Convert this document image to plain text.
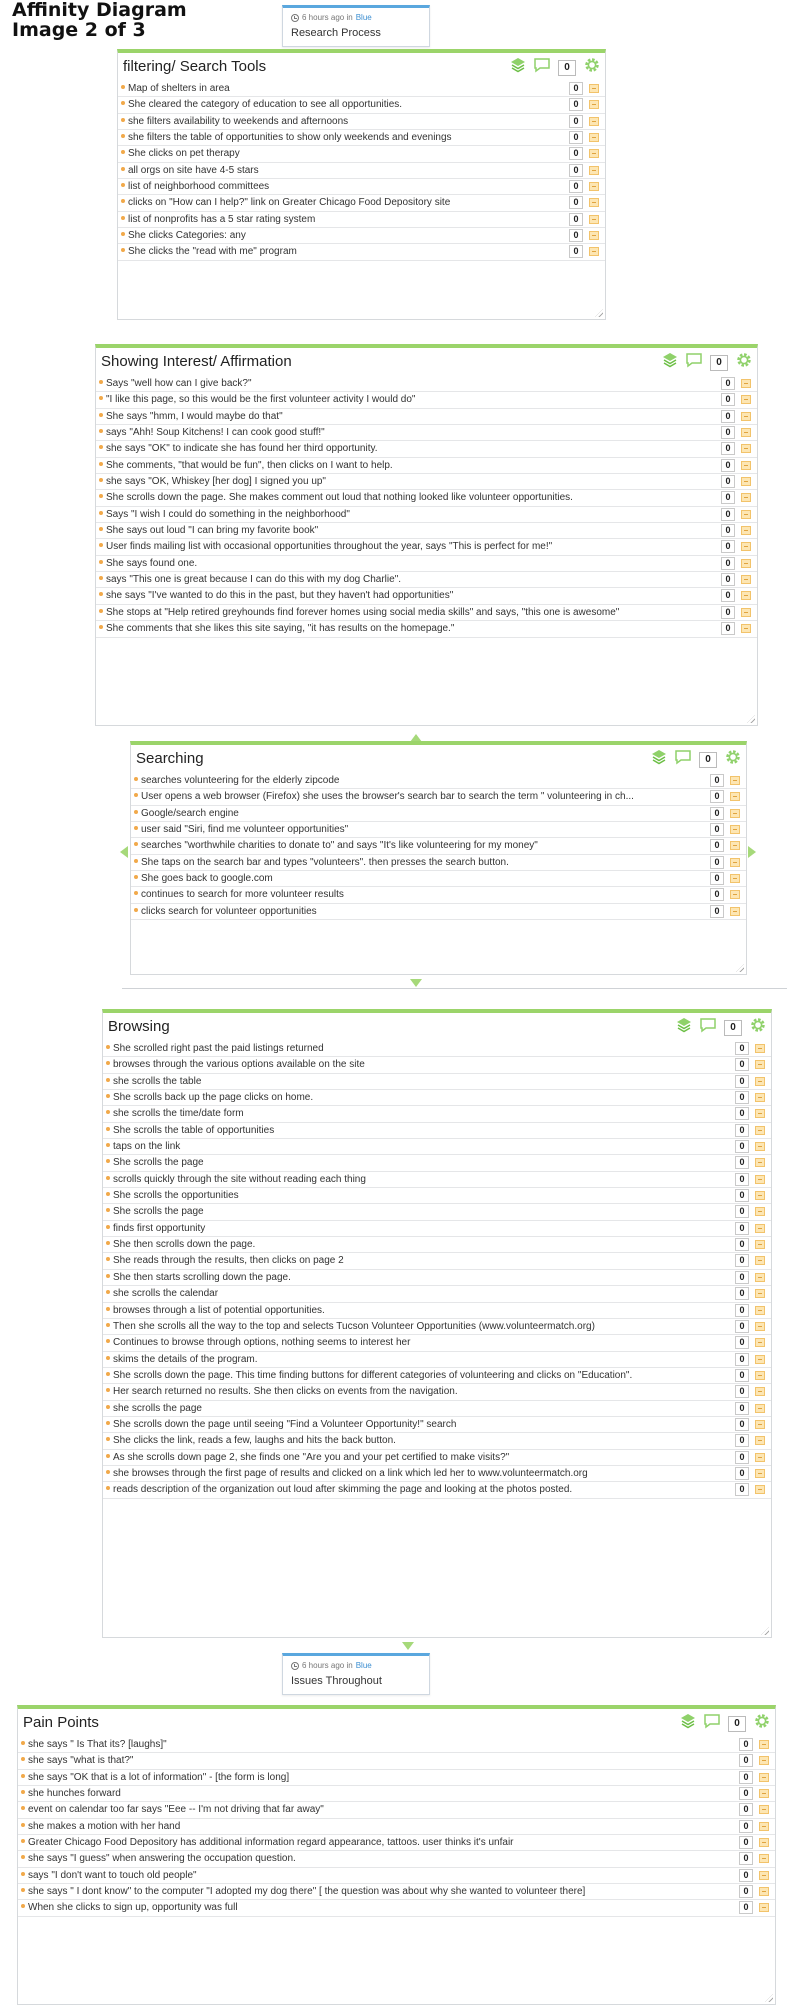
Affinity Diagram
Image 2 of 3
6 hours ago in Blue
Research Process
filtering/ Search Tools	0
Map of shelters in area	0
She cleared the category of education to see all opportunities.	0
she filters availability to weekends and afternoons	0
she filters the table of opportunities to show only weekends and evenings	0
She clicks on pet therapy	0
all orgs on site have 4-5 stars	0
list of neighborhood committees	0
clicks on "How can I help?" link on Greater Chicago Food Depository site	0
list of nonprofits has a 5 star rating system	0
She clicks Categories: any	0
She clicks the "read with me" program	0
Showing Interest/ Affirmation	0
Says "well how can I give back?"	0
"I like this page, so this would be the first volunteer activity I would do"	0
She says "hmm, I would maybe do that"	0
says "Ahh! Soup Kitchens! I can cook good stuff!"	0
she says "OK" to indicate she has found her third opportunity.	0
She comments, "that would be fun", then clicks on I want to help.	0
she says "OK, Whiskey [her dog] I signed you up"	0
She scrolls down the page. She makes comment out loud that nothing looked like volunteer opportunities.	0
Says "I wish I could do something in the neighborhood"	0
She says out loud "I can bring my favorite book"	0
User finds mailing list with occasional opportunities throughout the year, says "This is perfect for me!"	0
She says found one.	0
says "This one is great because I can do this with my dog Charlie".	0
she says "I've wanted to do this in the past, but they haven't had opportunities"	0
She stops at "Help retired greyhounds find forever homes using social media skills" and says, "this one is awesome"	0
She comments that she likes this site saying, "it has results on the homepage."	0
Searching	0
searches volunteering for the elderly zipcode	0
User opens a web browser (Firefox) she uses the browser's search bar to search the term " volunteering in ch...	0
Google/search engine	0
user said "Siri, find me volunteer opportunities"	0
searches "worthwhile charities to donate to" and says "It's like volunteering for my money"	0
She taps on the search bar and types "volunteers". then presses the search button.	0
She goes back to google.com	0
continues to search for more volunteer results	0
clicks search for volunteer opportunities	0
Browsing	0
She scrolled right past the paid listings returned	0
browses through the various options available on the site	0
she scrolls the table	0
She scrolls back up the page clicks on home.	0
she scrolls the time/date form	0
She scrolls the table of opportunities	0
taps on the link	0
She scrolls the page	0
scrolls quickly through the site without reading each thing	0
She scrolls the opportunities	0
She scrolls the page	0
finds first opportunity	0
She then scrolls down the page.	0
She reads through the results, then clicks on page 2	0
She then starts scrolling down the page.	0
she scrolls the calendar	0
browses through a list of potential opportunities.	0
Then she scrolls all the way to the top and selects Tucson Volunteer Opportunities (www.volunteermatch.org)	0
Continues to browse through options, nothing seems to interest her	0
skims the details of the program.	0
She scrolls down the page. This time finding buttons for different categories of volunteering and clicks on "Education".	0
Her search returned no results. She then clicks on events from the navigation.	0
she scrolls the page	0
She scrolls down the page until seeing "Find a Volunteer Opportunity!" search	0
She clicks the link, reads a few, laughs and hits the back button.	0
As she scrolls down page 2, she finds one "Are you and your pet certified to make visits?"	0
she browses through the first page of results and clicked on a link which led her to www.volunteermatch.org	0
reads description of the organization out loud after skimming the page and looking at the photos posted.	0
6 hours ago in Blue
Issues Throughout
Pain Points	0
she says " Is That its? [laughs]"	0
she says "what is that?"	0
she says "OK that is a lot of information" - [the form is long]	0
she hunches forward	0
event on calendar too far says "Eee -- I'm not driving that far away"	0
she makes a motion with her hand	0
Greater Chicago Food Depository has additional information regard appearance, tattoos. user thinks it's unfair	0
she says "I guess" when answering the occupation question.	0
says "I don't want to touch old people"	0
she says " I dont know" to the computer "I adopted my dog there" [ the question was about why she wanted to volunteer there]	0
When she clicks to sign up, opportunity was full	0
